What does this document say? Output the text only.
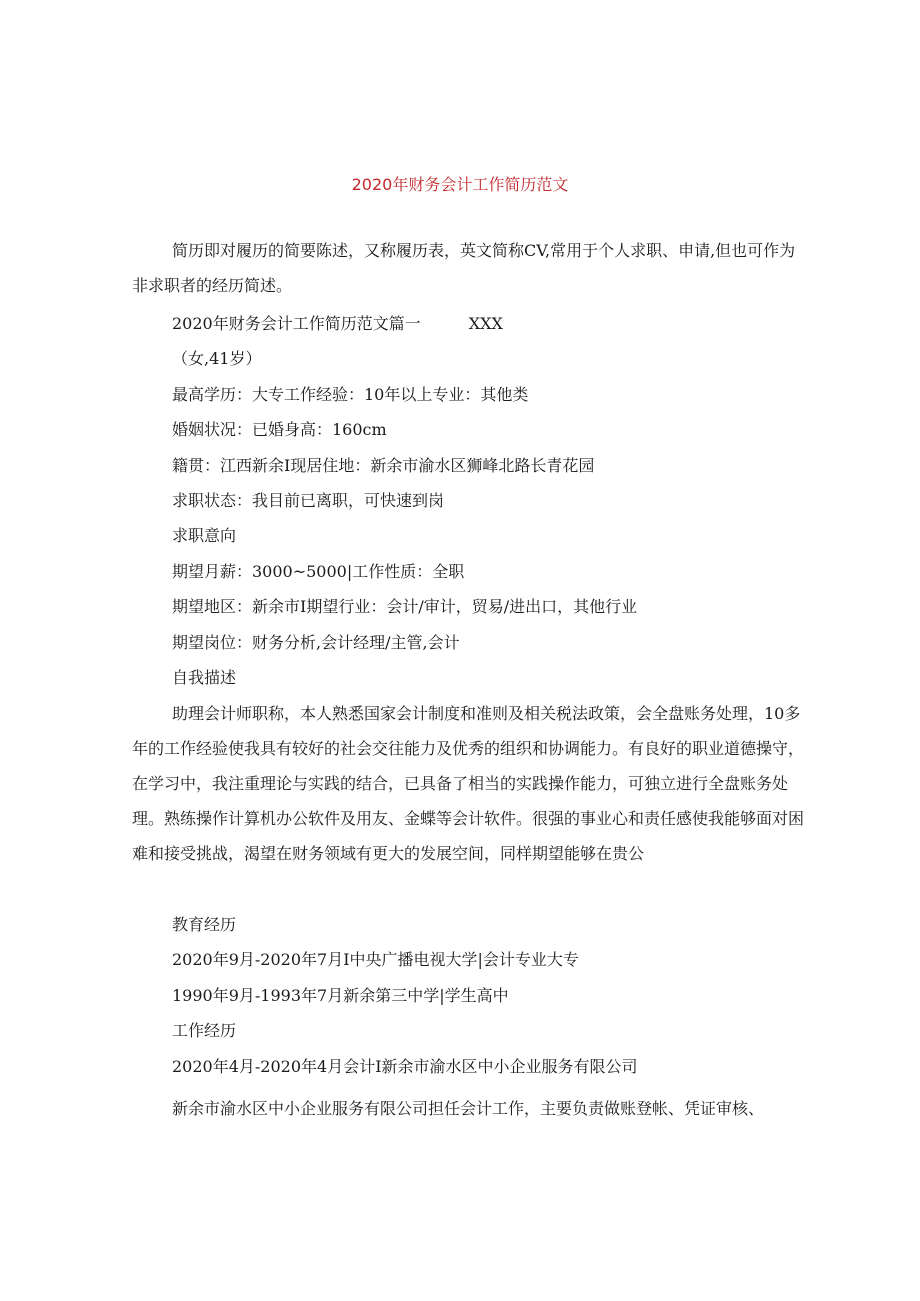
2020年财务会计工作简历范文

简历即对履历的简要陈述，又称履历表，英文简称CV,常用于个人求职、申请,但也可作为非求职者的经历简述。

2020年财务会计工作简历范文篇一	XXX
（女,41岁）
最高学历：大专工作经验：10年以上专业：其他类
婚姻状况：已婚身高：160cm
籍贯：江西新余I现居住地：新余市渝水区狮峰北路长青花园
求职状态：我目前已离职，可快速到岗
求职意向
期望月薪：3000~5000|工作性质：全职
期望地区：新余市I期望行业：会计/审计，贸易/进出口，其他行业
期望岗位：财务分析,会计经理/主管,会计
自我描述

助理会计师职称，本人熟悉国家会计制度和准则及相关税法政策，会全盘账务处理，10多年的工作经验使我具有较好的社会交往能力及优秀的组织和协调能力。有良好的职业道德操守，在学习中，我注重理论与实践的结合，已具备了相当的实践操作能力，可独立进行全盘账务处理。熟练操作计算机办公软件及用友、金蝶等会计软件。很强的事业心和责任感使我能够面对困难和接受挑战，渴望在财务领域有更大的发展空间，同样期望能够在贵公

教育经历
2020年9月-2020年7月I中央广播电视大学|会计专业大专
1990年9月-1993年7月新余第三中学|学生高中
工作经历
2020年4月-2020年4月会计I新余市渝水区中小企业服务有限公司
新余市渝水区中小企业服务有限公司担任会计工作，主要负责做账登帐、凭证审核、
